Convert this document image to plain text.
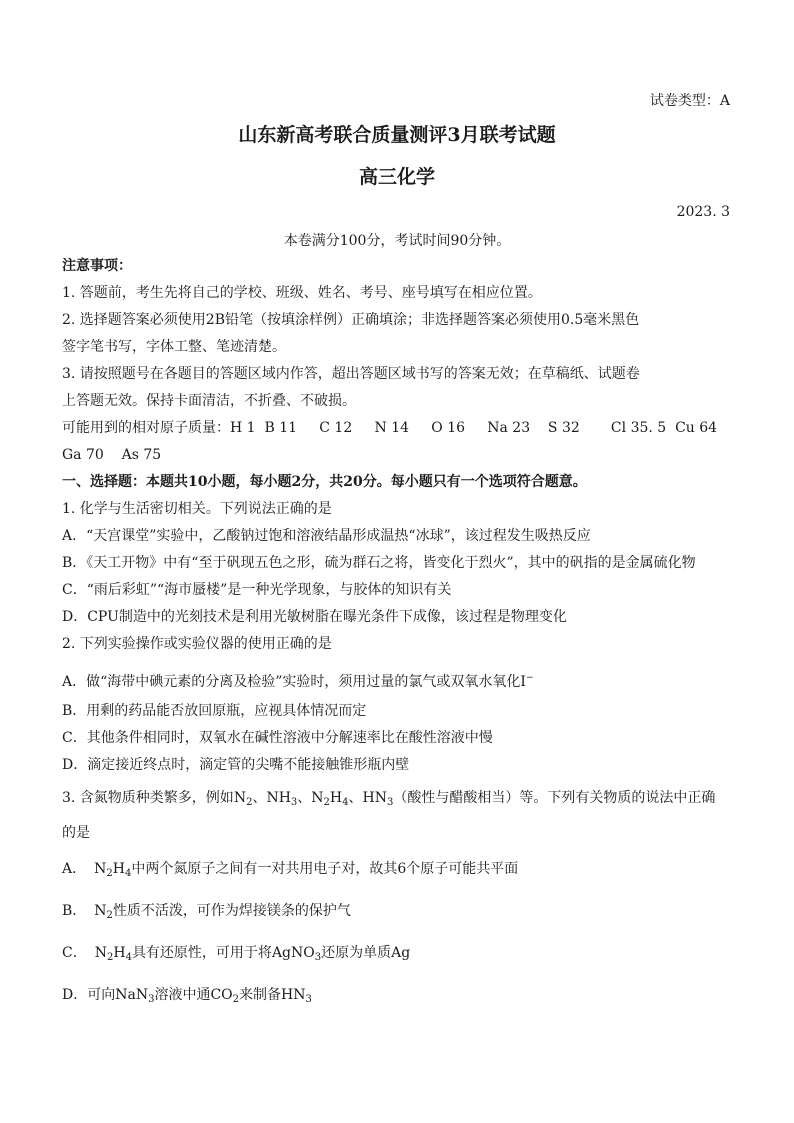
试卷类型：A
山东新高考联合质量测评3月联考试题
高三化学
2023. 3
本卷满分100分，考试时间90分钟。
注意事项：
1. 答题前，考生先将自己的学校、班级、姓名、考号、座号填写在相应位置。
2. 选择题答案必须使用2B铅笔（按填涂样例）正确填涂；非选择题答案必须使用0.5毫米黑色
签字笔书写，字体工整、笔迹清楚。
3. 请按照题号在各题目的答题区域内作答，超出答题区域书写的答案无效；在草稿纸、试题卷
上答题无效。保持卡面清洁，不折叠、不破损。
可能用到的相对原子质量：H 1  B 11     C 12     N 14     O 16     Na 23    S 32       Cl 35. 5  Cu 64
Ga 70    As 75
一、选择题：本题共10小题，每小题2分，共20分。每小题只有一个选项符合题意。
1. 化学与生活密切相关。下列说法正确的是
A．“天宫课堂”实验中，乙酸钠过饱和溶液结晶形成温热“冰球”，该过程发生吸热反应
B．《天工开物》中有“至于矾现五色之形，硫为群石之将，皆变化于烈火”，其中的矾指的是金属硫化物
C．“雨后彩虹”“海市蜃楼”是一种光学现象，与胶体的知识有关
D．CPU制造中的光刻技术是利用光敏树脂在曝光条件下成像，该过程是物理变化
2. 下列实验操作或实验仪器的使用正确的是
A．做“海带中碘元素的分离及检验”实验时，须用过量的氯气或双氧水氧化I−
B．用剩的药品能否放回原瓶，应视具体情况而定
C．其他条件相同时，双氧水在碱性溶液中分解速率比在酸性溶液中慢
D．滴定接近终点时，滴定管的尖嘴不能接触锥形瓶内壁
3. 含氮物质种类繁多，例如$N_2$、$NH_3$、$N_2H_4$、$HN_3$（酸性与醋酸相当）等。下列有关物质的说法中正确
的是
A． $N_2H_4$中两个氮原子之间有一对共用电子对，故其6个原子可能共平面
B． $N_2$性质不活泼，可作为焊接镁条的保护气
C． $N_2H_4$具有还原性，可用于将AgNO$_3$还原为单质Ag
D．可向NaN$_3$溶液中通$CO_2$来制备$HN_3$
